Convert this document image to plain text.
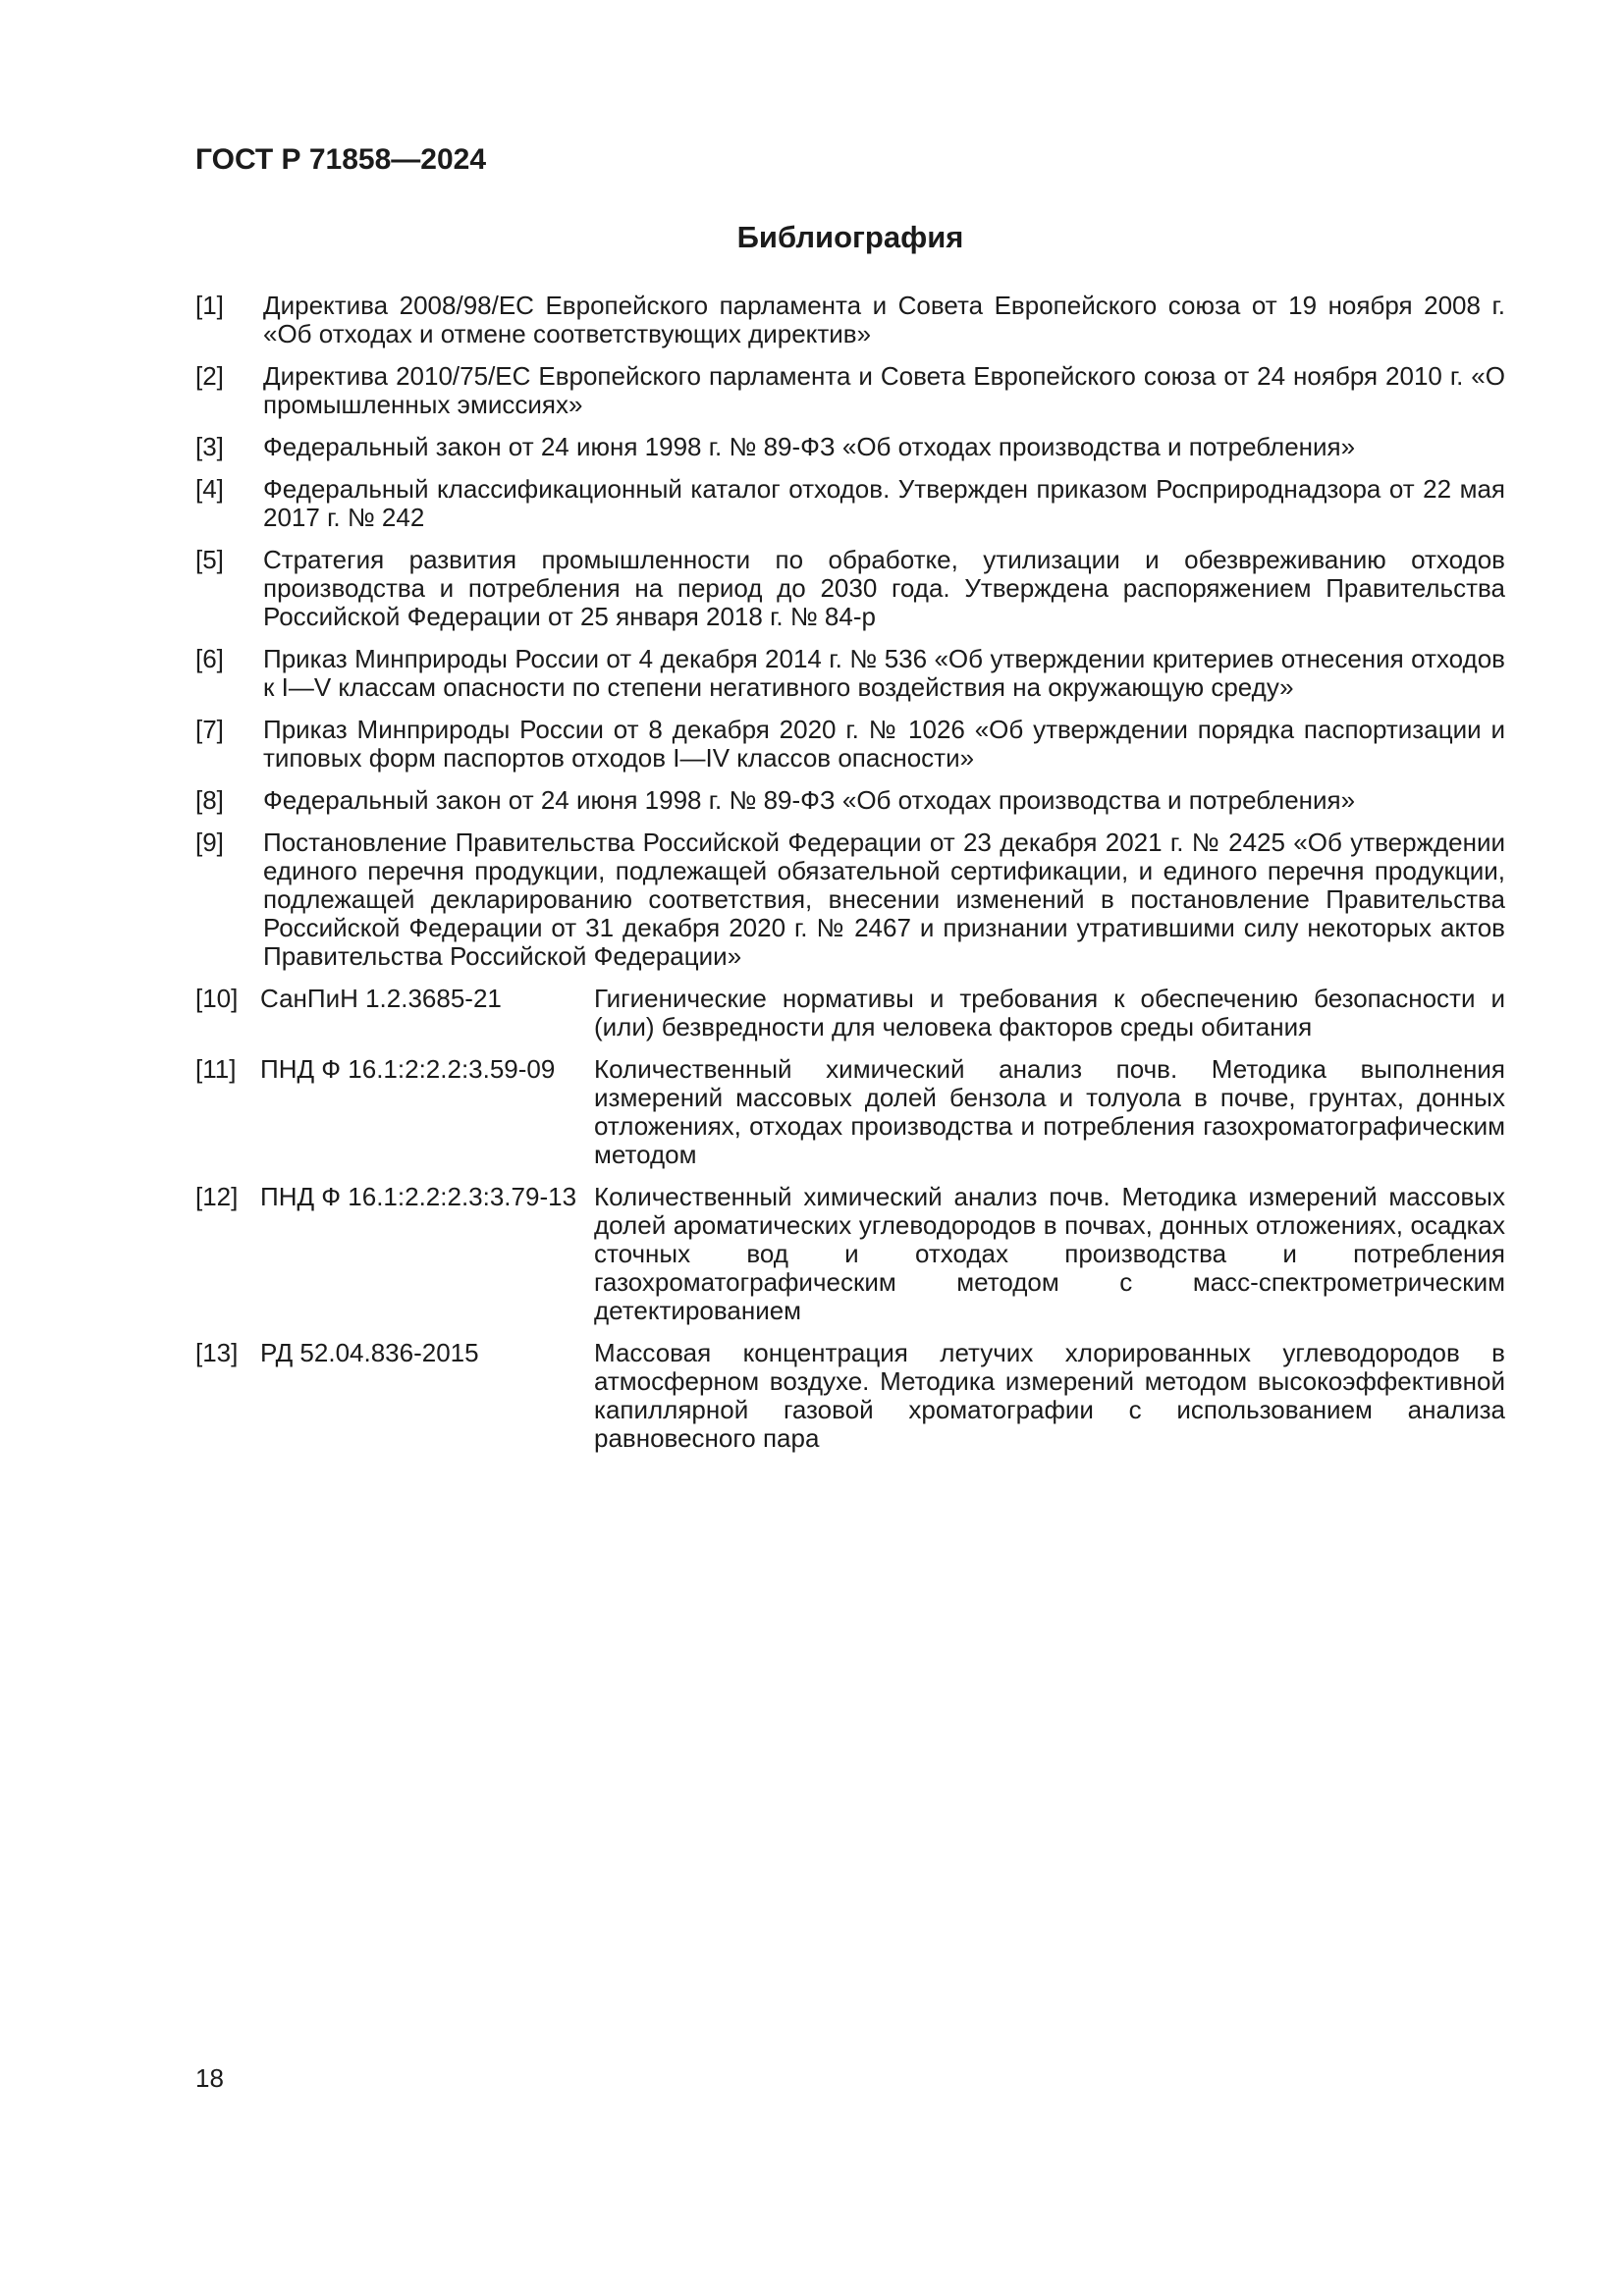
ГОСТ Р 71858—2024
Библиография
[1] Директива 2008/98/ЕС Европейского парламента и Совета Европейского союза от 19 ноября 2008 г. «Об отходах и отмене соответствующих директив»
[2] Директива 2010/75/ЕС Европейского парламента и Совета Европейского союза от 24 ноября 2010 г. «О промышленных эмиссиях»
[3] Федеральный закон от 24 июня 1998 г. № 89-ФЗ «Об отходах производства и потребления»
[4] Федеральный классификационный каталог отходов. Утвержден приказом Росприроднадзора от 22 мая 2017 г. № 242
[5] Стратегия развития промышленности по обработке, утилизации и обезвреживанию отходов производства и потребления на период до 2030 года. Утверждена распоряжением Правительства Российской Федерации от 25 января 2018 г. № 84-р
[6] Приказ Минприроды России от 4 декабря 2014 г. № 536 «Об утверждении критериев отнесения отходов к I—V классам опасности по степени негативного воздействия на окружающую среду»
[7] Приказ Минприроды России от 8 декабря 2020 г. № 1026 «Об утверждении порядка паспортизации и типовых форм паспортов отходов I—IV классов опасности»
[8] Федеральный закон от 24 июня 1998 г. № 89-ФЗ «Об отходах производства и потребления»
[9] Постановление Правительства Российской Федерации от 23 декабря 2021 г. № 2425 «Об утверждении единого перечня продукции, подлежащей обязательной сертификации, и единого перечня продукции, подлежащей декларированию соответствия, внесении изменений в постановление Правительства Российской Федерации от 31 декабря 2020 г. № 2467 и признании утратившими силу некоторых актов Правительства Российской Федерации»
[10] СанПиН 1.2.3685-21	Гигиенические нормативы и требования к обеспечению безопасности и (или) безвредности для человека факторов среды обитания
[11] ПНД Ф 16.1:2:2.2:3.59-09	Количественный химический анализ почв. Методика выполнения измерений массовых долей бензола и толуола в почве, грунтах, донных отложениях, отходах производства и потребления газохроматографическим методом
[12] ПНД Ф 16.1:2.2:2.3:3.79-13 Количественный химический анализ почв. Методика измерений массовых долей ароматических углеводородов в почвах, донных отложениях, осадках сточных вод и отходах производства и потребления газохроматографическим методом с масс-спектрометрическим детектированием
[13] РД 52.04.836-2015	Массовая концентрация летучих хлорированных углеводородов в атмосферном воздухе. Методика измерений методом высокоэффективной капиллярной газовой хроматографии с использованием анализа равновесного пара
18
